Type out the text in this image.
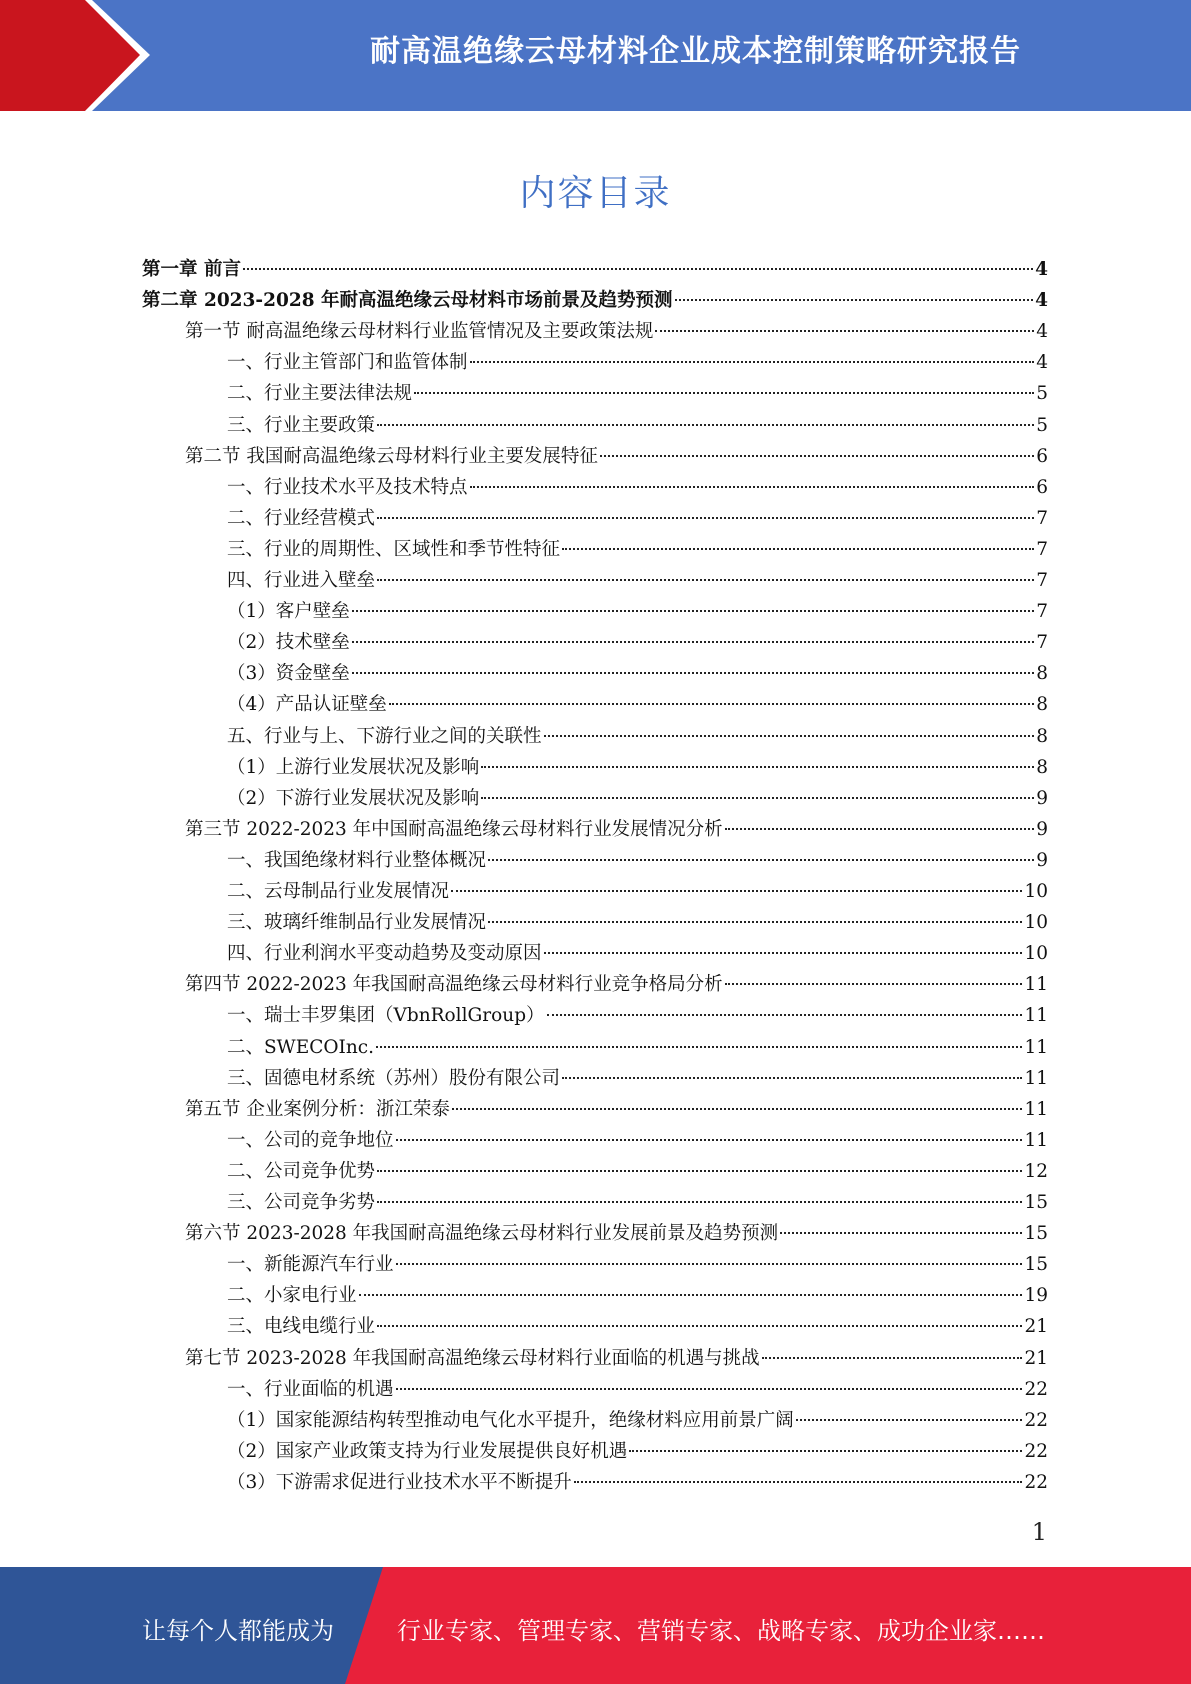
耐高温绝缘云母材料企业成本控制策略研究报告
内容目录
第一章 前言	4
第二章 2023-2028 年耐高温绝缘云母材料市场前景及趋势预测	4
第一节 耐高温绝缘云母材料行业监管情况及主要政策法规	4
一、行业主管部门和监管体制	4
二、行业主要法律法规	5
三、行业主要政策	5
第二节 我国耐高温绝缘云母材料行业主要发展特征	6
一、行业技术水平及技术特点	6
二、行业经营模式	7
三、行业的周期性、区域性和季节性特征	7
四、行业进入壁垒	7
（1）客户壁垒	7
（2）技术壁垒	7
（3）资金壁垒	8
（4）产品认证壁垒	8
五、行业与上、下游行业之间的关联性	8
（1）上游行业发展状况及影响	8
（2）下游行业发展状况及影响	9
第三节 2022-2023 年中国耐高温绝缘云母材料行业发展情况分析	9
一、我国绝缘材料行业整体概况	9
二、云母制品行业发展情况	10
三、玻璃纤维制品行业发展情况	10
四、行业利润水平变动趋势及变动原因	10
第四节 2022-2023 年我国耐高温绝缘云母材料行业竞争格局分析	11
一、瑞士丰罗集团（VbnRollGroup）	11
二、SWECOInc.	11
三、固德电材系统（苏州）股份有限公司	11
第五节 企业案例分析：浙江荣泰	11
一、公司的竞争地位	11
二、公司竞争优势	12
三、公司竞争劣势	15
第六节 2023-2028 年我国耐高温绝缘云母材料行业发展前景及趋势预测	15
一、新能源汽车行业	15
二、小家电行业	19
三、电线电缆行业	21
第七节 2023-2028 年我国耐高温绝缘云母材料行业面临的机遇与挑战	21
一、行业面临的机遇	22
（1）国家能源结构转型推动电气化水平提升，绝缘材料应用前景广阔	22
（2）国家产业政策支持为行业发展提供良好机遇	22
（3）下游需求促进行业技术水平不断提升	22
1
让每个人都能成为	行业专家、管理专家、营销专家、战略专家、成功企业家……
